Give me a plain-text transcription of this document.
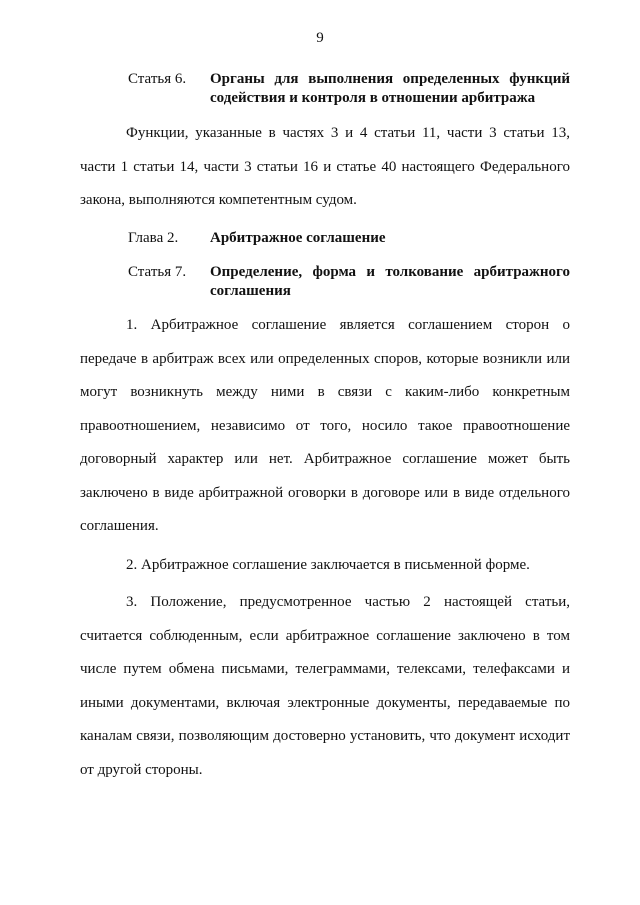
9
Статья 6.	Органы для выполнения определенных функций содействия и контроля в отношении арбитража

Функции, указанные в частях 3 и 4 статьи 11, части 3 статьи 13, части 1 статьи 14, части 3 статьи 16 и статье 40 настоящего Федерального закона, выполняются компетентным судом.

Глава 2.	Арбитражное соглашение
Статья 7.	Определение, форма и толкование арбитражного соглашения

1. Арбитражное соглашение является соглашением сторон о передаче в арбитраж всех или определенных споров, которые возникли или могут возникнуть между ними в связи с каким-либо конкретным правоотношением, независимо от того, носило такое правоотношение договорный характер или нет. Арбитражное соглашение может быть заключено в виде арбитражной оговорки в договоре или в виде отдельного соглашения.

2. Арбитражное соглашение заключается в письменной форме.

3. Положение, предусмотренное частью 2 настоящей статьи, считается соблюденным, если арбитражное соглашение заключено в том числе путем обмена письмами, телеграммами, телексами, телефаксами и иными документами, включая электронные документы, передаваемые по каналам связи, позволяющим достоверно установить, что документ исходит от другой стороны.
